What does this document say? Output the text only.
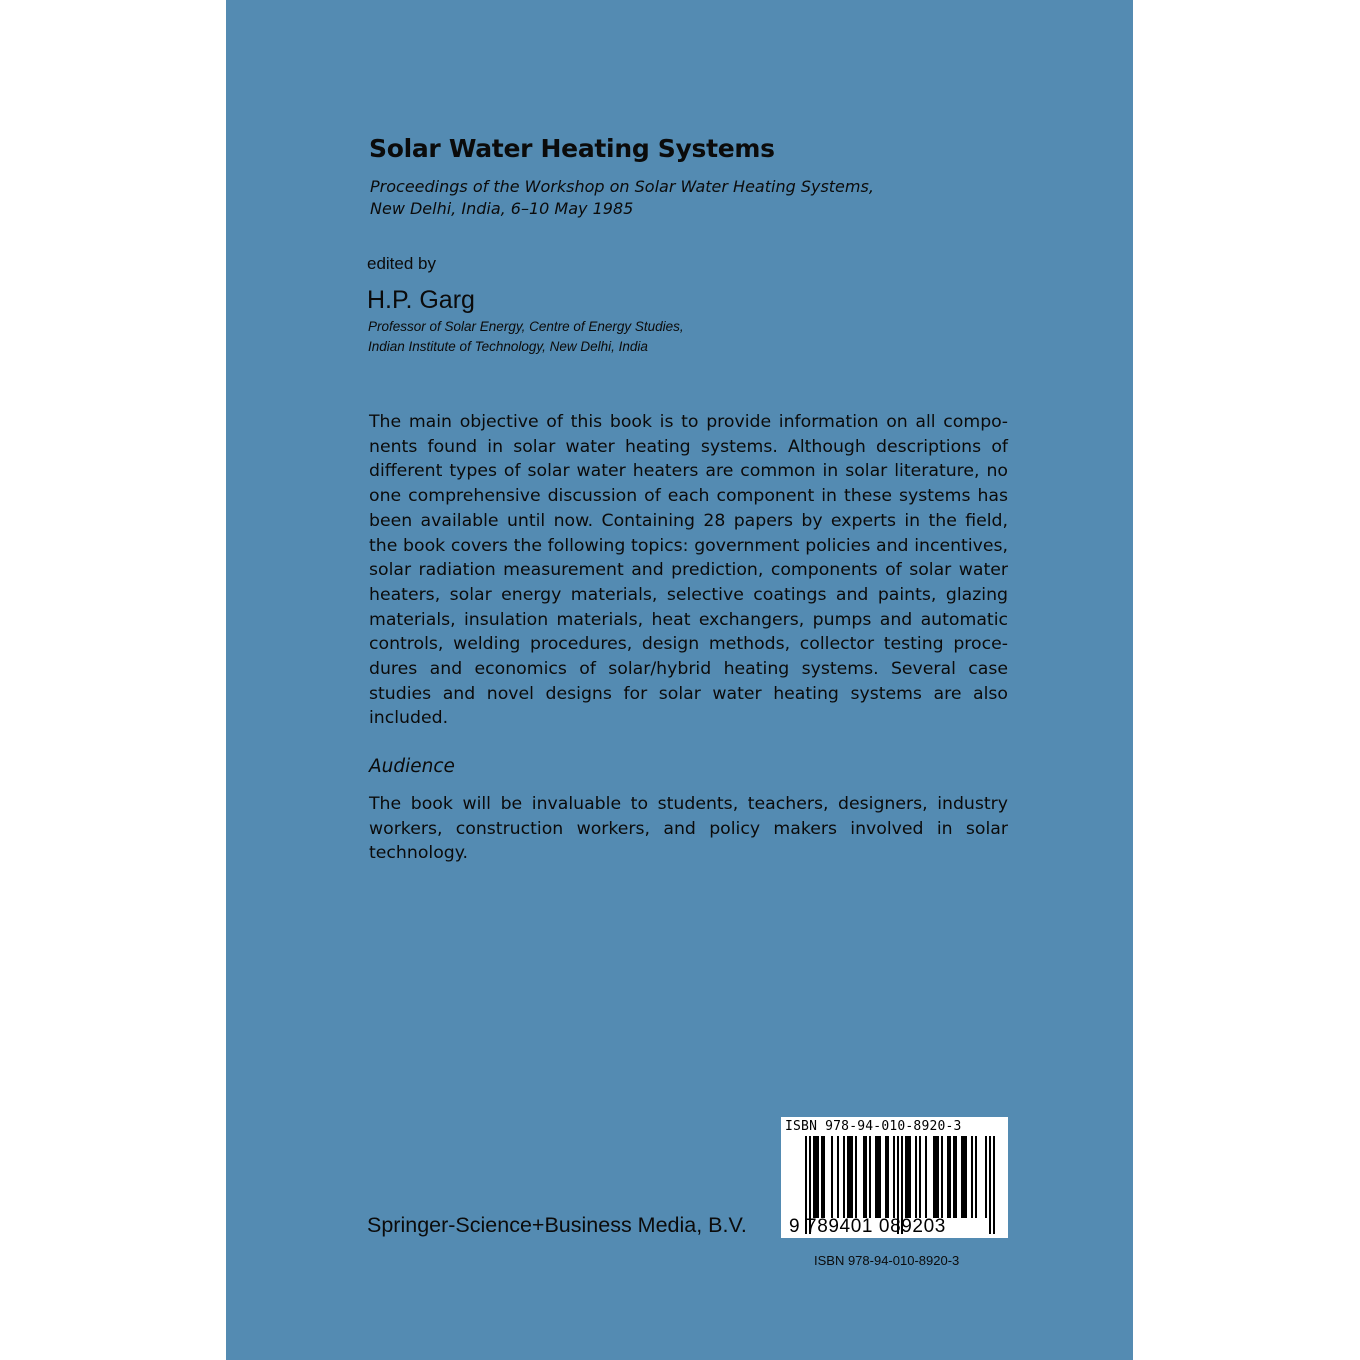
Solar Water Heating Systems
Proceedings of the Workshop on Solar Water Heating Systems,
New Delhi, India, 6–10 May 1985
edited by
H.P. Garg
Professor of Solar Energy, Centre of Energy Studies,
Indian Institute of Technology, New Delhi, India

The main objective of this book is to provide information on all components found in solar water heating systems. Although descriptions of different types of solar water heaters are common in solar literature, no one comprehensive discussion of each component in these systems has been available until now. Containing 28 papers by experts in the field, the book covers the following topics: government policies and incentives, solar radiation measurement and prediction, components of solar water heaters, solar energy materials, selective coatings and paints, glazing materials, insulation materials, heat exchangers, pumps and automatic controls, welding procedures, design methods, collector testing procedures and economics of solar/hybrid heating systems. Several case studies and novel designs for solar water heating systems are also included.

Audience

The book will be invaluable to students, teachers, designers, industry workers, construction workers, and policy makers involved in solar technology.

Springer-Science+Business Media, B.V.
ISBN 978-94-010-8920-3
9 789401 089203
ISBN 978-94-010-8920-3
